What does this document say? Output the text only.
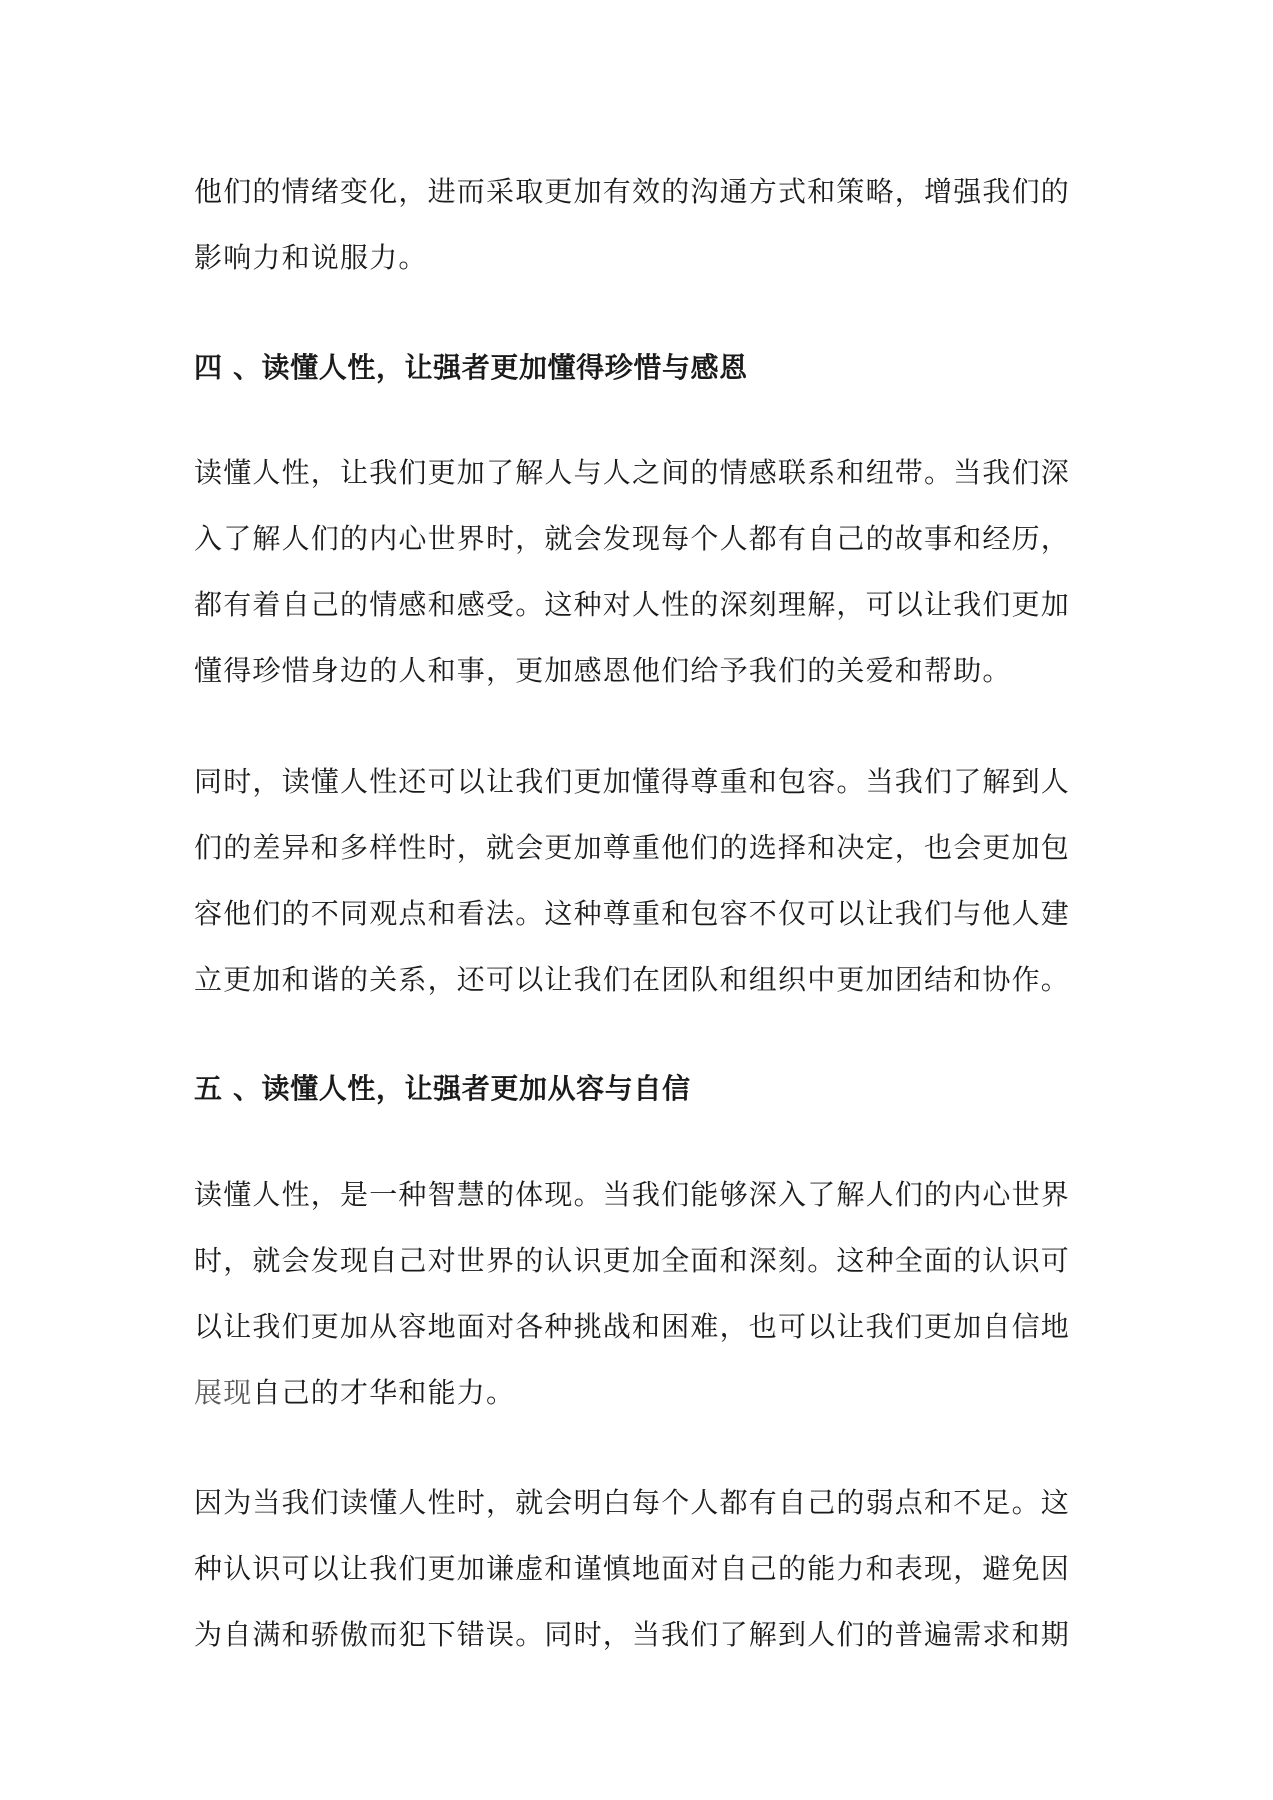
他们的情绪变化，进而采取更加有效的沟通方式和策略，增强我们的
影响力和说服力。
四 、读懂人性，让强者更加懂得珍惜与感恩
读懂人性，让我们更加了解人与人之间的情感联系和纽带。当我们深
入了解人们的内心世界时，就会发现每个人都有自己的故事和经历，
都有着自己的情感和感受。这种对人性的深刻理解，可以让我们更加
懂得珍惜身边的人和事，更加感恩他们给予我们的关爱和帮助。
同时，读懂人性还可以让我们更加懂得尊重和包容。当我们了解到人
们的差异和多样性时，就会更加尊重他们的选择和决定，也会更加包
容他们的不同观点和看法。这种尊重和包容不仅可以让我们与他人建
立更加和谐的关系，还可以让我们在团队和组织中更加团结和协作。
五 、读懂人性，让强者更加从容与自信
读懂人性，是一种智慧的体现。当我们能够深入了解人们的内心世界
时，就会发现自己对世界的认识更加全面和深刻。这种全面的认识可
以让我们更加从容地面对各种挑战和困难，也可以让我们更加自信地
展现自己的才华和能力。
因为当我们读懂人性时，就会明白每个人都有自己的弱点和不足。这
种认识可以让我们更加谦虚和谨慎地面对自己的能力和表现，避免因
为自满和骄傲而犯下错误。同时，当我们了解到人们的普遍需求和期
